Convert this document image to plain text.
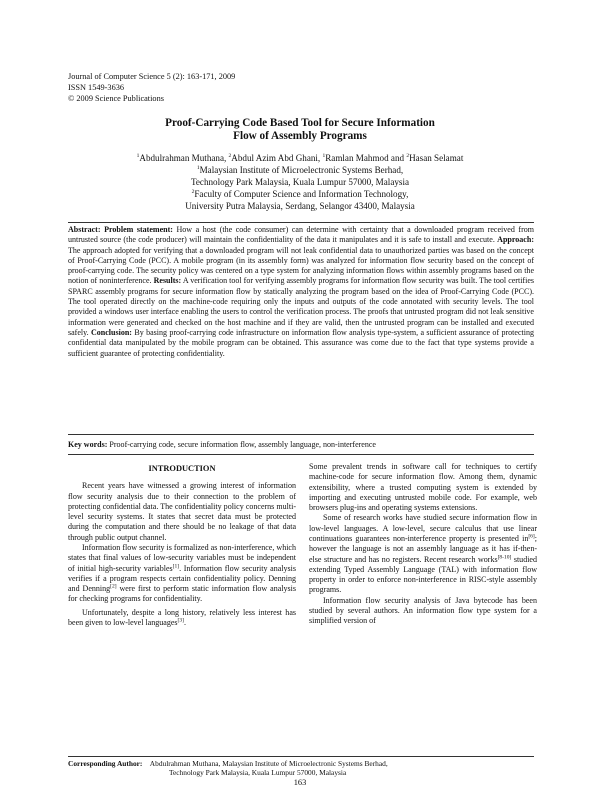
Journal of Computer Science 5 (2): 163-171, 2009
ISSN 1549-3636
© 2009 Science Publications
Proof-Carrying Code Based Tool for Secure Information
Flow of Assembly Programs
$^1$Abdulrahman Muthana, $^2$Abdul Azim Abd Ghani, $^1$Ramlan Mahmod and $^2$Hasan Selamat
$^1$Malaysian Institute of Microelectronic Systems Berhad,
Technology Park Malaysia, Kuala Lumpur 57000, Malaysia
$^2$Faculty of Computer Science and Information Technology,
University Putra Malaysia, Serdang, Selangor 43400, Malaysia
Abstract: Problem statement: How a host (the code consumer) can determine with certainty that a downloaded program received from untrusted source (the code producer) will maintain the confidentiality of the data it manipulates and it is safe to install and execute. Approach: The approach adopted for verifying that a downloaded program will not leak confidential data to unauthorized parties was based on the concept of Proof-Carrying Code (PCC). A mobile program (in its assembly form) was analyzed for information flow security based on the concept of proof-carrying code. The security policy was centered on a type system for analyzing information flows within assembly programs based on the notion of noninterference. Results: A verification tool for verifying assembly programs for information flow security was built. The tool certifies SPARC assembly programs for secure information flow by statically analyzing the program based on the idea of Proof-Carrying Code (PCC). The tool operated directly on the machine-code requiring only the inputs and outputs of the code annotated with security levels. The tool provided a windows user interface enabling the users to control the verification process. The proofs that untrusted program did not leak sensitive information were generated and checked on the host machine and if they are valid, then the untrusted program can be installed and executed safely. Conclusion: By basing proof-carrying code infrastructure on information flow analysis type-system, a sufficient assurance of protecting confidential data manipulated by the mobile program can be obtained. This assurance was come due to the fact that type systems provide a sufficient guarantee of protecting confidentiality.
Key words: Proof-carrying code, secure information flow, assembly language, non-interference
INTRODUCTION

Recent years have witnessed a growing interest of information flow security analysis due to their connection to the problem of protecting confidential data. The confidentiality policy concerns multi-level security systems. It states that secret data must be protected during the computation and there should be no leakage of that data through public output channel.

Information flow security is formalized as non-interference, which states that final values of low-security variables must be independent of initial high-security variables[1]. Information flow security analysis verifies if a program respects certain confidentiality policy. Denning and Denning[2] were first to perform static information flow analysis for checking programs for confidentiality.

Unfortunately, despite a long history, relatively less interest has been given to low-level languages[3].

Some prevalent trends in software call for techniques to certify machine-code for secure information flow. Among them, dynamic extensibility, where a trusted computing system is extended by importing and executing untrusted mobile code. For example, web browsers plug-ins and operating systems extensions.

Some of research works have studied secure information flow in low-level languages. A low-level, secure calculus that use linear continuations guarantees non-interference property is presented in[6]; however the language is not an assembly language as it has if-then-else structure and has no registers. Recent research works[8-10] studied extending Typed Assembly Language (TAL) with information flow property in order to enforce non-interference in RISC-style assembly programs.

Information flow security analysis of Java bytecode has been studied by several authors. An information flow type system for a simplified version of

Corresponding Author: Abdulrahman Muthana, Malaysian Institute of Microelectronic Systems Berhad,
Technology Park Malaysia, Kuala Lumpur 57000, Malaysia
163
